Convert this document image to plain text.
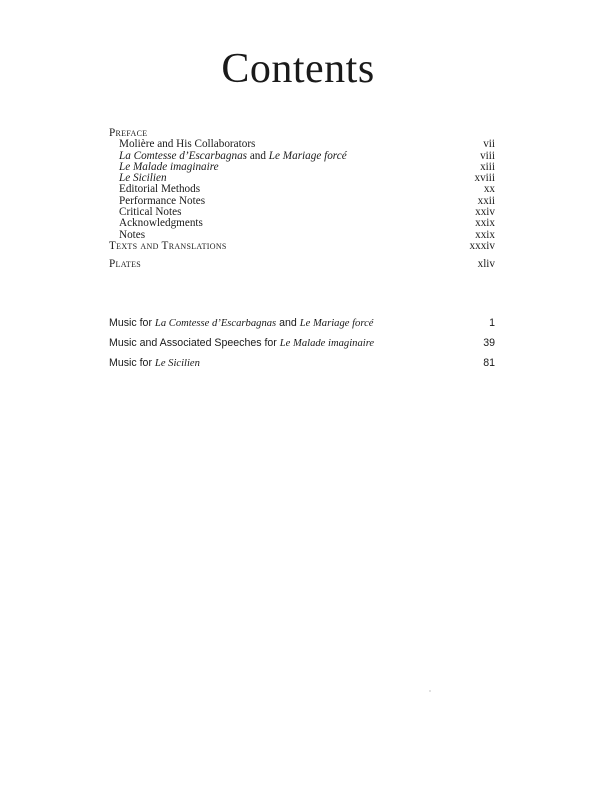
Contents
Preface
Molière and His Collaborators	vii
La Comtesse d’Escarbagnas and Le Mariage forcé	viii
Le Malade imaginaire	xiii
Le Sicilien	xviii
Editorial Methods	xx
Performance Notes	xxii
Critical Notes	xxiv
Acknowledgments	xxix
Notes	xxix
Texts and Translations	xxxiv
Plates	xliv
Music for La Comtesse d’Escarbagnas and Le Mariage forcé	1
Music and Associated Speeches for Le Malade imaginaire	39
Music for Le Sicilien	81
